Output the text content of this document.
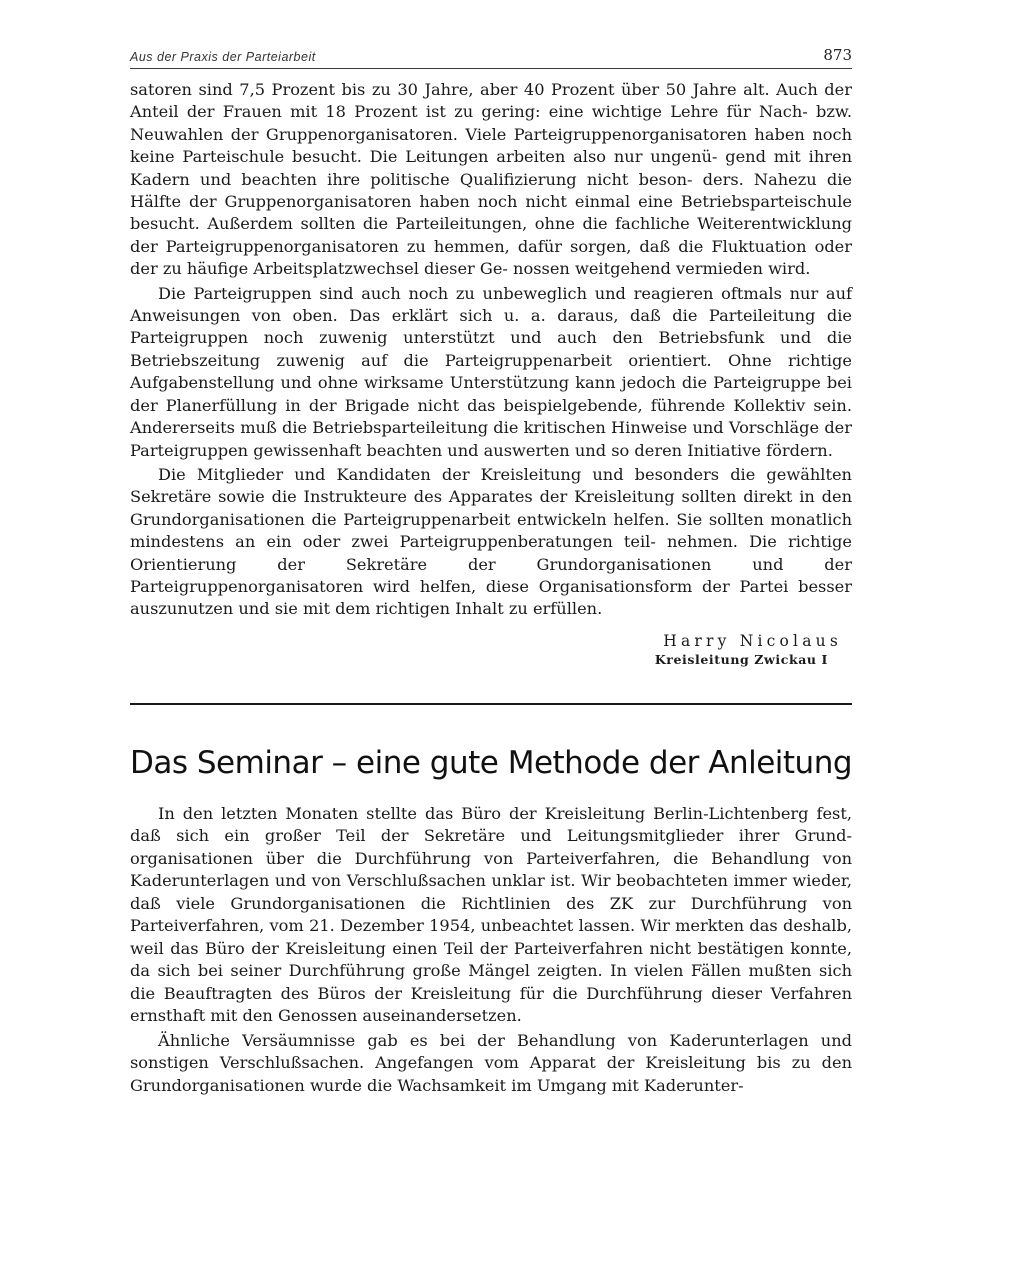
Aus der Praxis der Parteiarbeit	873

satoren sind 7,5 Prozent bis zu 30 Jahre, aber 40 Prozent über 50 Jahre alt. Auch der Anteil der Frauen mit 18 Prozent ist zu gering: eine wichtige Lehre für Nach- bzw. Neuwahlen der Gruppenorganisatoren. Viele Parteigruppenorganisatoren haben noch keine Parteischule besucht. Die Leitungen arbeiten also nur ungenü- gend mit ihren Kadern und beachten ihre politische Qualifizierung nicht beson- ders. Nahezu die Hälfte der Gruppenorganisatoren haben noch nicht einmal eine Betriebsparteischule besucht. Außerdem sollten die Parteileitungen, ohne die fachliche Weiterentwicklung der Parteigruppenorganisatoren zu hemmen, dafür sorgen, daß die Fluktuation oder der zu häufige Arbeitsplatzwechsel dieser Ge- nossen weitgehend vermieden wird.

Die Parteigruppen sind auch noch zu unbeweglich und reagieren oftmals nur auf Anweisungen von oben. Das erklärt sich u. a. daraus, daß die Parteileitung die Parteigruppen noch zuwenig unterstützt und auch den Betriebsfunk und die Betriebszeitung zuwenig auf die Parteigruppenarbeit orientiert. Ohne richtige Aufgabenstellung und ohne wirksame Unterstützung kann jedoch die Parteigruppe bei der Planerfüllung in der Brigade nicht das beispielgebende, führende Kollektiv sein. Andererseits muß die Betriebsparteileitung die kritischen Hinweise und Vorschläge der Parteigruppen gewissenhaft beachten und auswerten und so deren Initiative fördern.

Die Mitglieder und Kandidaten der Kreisleitung und besonders die gewählten Sekretäre sowie die Instrukteure des Apparates der Kreisleitung sollten direkt in den Grundorganisationen die Parteigruppenarbeit entwickeln helfen. Sie sollten monatlich mindestens an ein oder zwei Parteigruppenberatungen teil- nehmen. Die richtige Orientierung der Sekretäre der Grundorganisationen und der Parteigruppenorganisatoren wird helfen, diese Organisationsform der Partei besser auszunutzen und sie mit dem richtigen Inhalt zu erfüllen.

Harry Nicolaus
Kreisleitung Zwickau I
Das Seminar – eine gute Methode der Anleitung

In den letzten Monaten stellte das Büro der Kreisleitung Berlin-Lichtenberg fest, daß sich ein großer Teil der Sekretäre und Leitungsmitglieder ihrer Grund- organisationen über die Durchführung von Parteiverfahren, die Behandlung von Kaderunterlagen und von Verschlußsachen unklar ist. Wir beobachteten immer wieder, daß viele Grundorganisationen die Richtlinien des ZK zur Durchführung von Parteiverfahren, vom 21. Dezember 1954, unbeachtet lassen. Wir merkten das deshalb, weil das Büro der Kreisleitung einen Teil der Parteiverfahren nicht bestätigen konnte, da sich bei seiner Durchführung große Mängel zeigten. In vielen Fällen mußten sich die Beauftragten des Büros der Kreisleitung für die Durchführung dieser Verfahren ernsthaft mit den Genossen auseinandersetzen.

Ähnliche Versäumnisse gab es bei der Behandlung von Kaderunterlagen und sonstigen Verschlußsachen. Angefangen vom Apparat der Kreisleitung bis zu den Grundorganisationen wurde die Wachsamkeit im Umgang mit Kaderunter-
